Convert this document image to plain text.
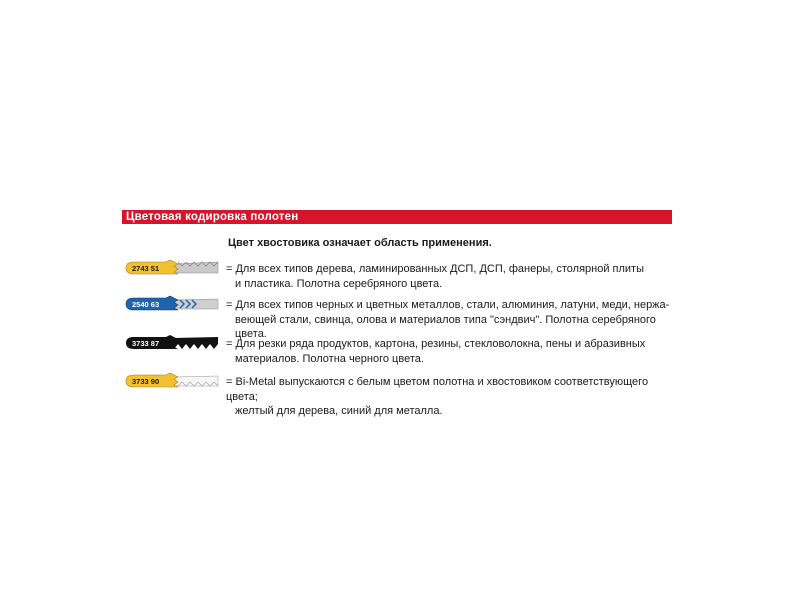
Цветовая кодировка полотен
Цвет хвостовика означает область применения.
2743 51	= Для всех типов дерева, ламинированных ДСП, ДСП, фанеры, столярной плиты
и пластика. Полотна серебряного цвета.
2540 63	= Для всех типов черных и цветных металлов, стали, алюминия, латуни, меди, нержа-
веющей стали, свинца, олова и материалов типа "сэндвич". Полотна серебряного цвета.
3733 87	= Для резки ряда продуктов, картона, резины, стекловолокна, пены и абразивных
материалов. Полотна черного цвета.
3733 90	= Bi-Metal выпускаются с белым цветом полотна и хвостовиком соответствующего цвета;
желтый для дерева, синий для металла.
